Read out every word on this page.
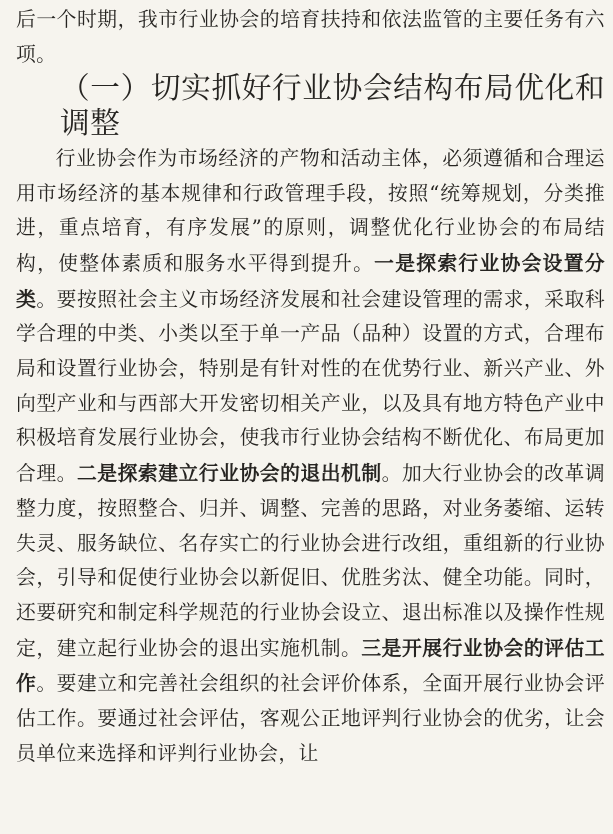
后一个时期，我市行业协会的培育扶持和依法监管的主要任务有六项。

（一）切实抓好行业协会结构布局优化和调整

行业协会作为市场经济的产物和活动主体，必须遵循和合理运用市场经济的基本规律和行政管理手段，按照“统筹规划，分类推进，重点培育，有序发展”的原则，调整优化行业协会的布局结构，使整体素质和服务水平得到提升。一是探索行业协会设置分类。要按照社会主义市场经济发展和社会建设管理的需求，采取科学合理的中类、小类以至于单一产品（品种）设置的方式，合理布局和设置行业协会，特别是有针对性的在优势行业、新兴产业、外向型产业和与西部大开发密切相关产业，以及具有地方特色产业中积极培育发展行业协会，使我市行业协会结构不断优化、布局更加合理。二是探索建立行业协会的退出机制。加大行业协会的改革调整力度，按照整合、归并、调整、完善的思路，对业务萎缩、运转失灵、服务缺位、名存实亡的行业协会进行改组，重组新的行业协会，引导和促使行业协会以新促旧、优胜劣汰、健全功能。同时，还要研究和制定科学规范的行业协会设立、退出标准以及操作性规定，建立起行业协会的退出实施机制。三是开展行业协会的评估工作。要建立和完善社会组织的社会评价体系，全面开展行业协会评估工作。要通过社会评估，客观公正地评判行业协会的优劣，让会员单位来选择和评判行业协会，让
